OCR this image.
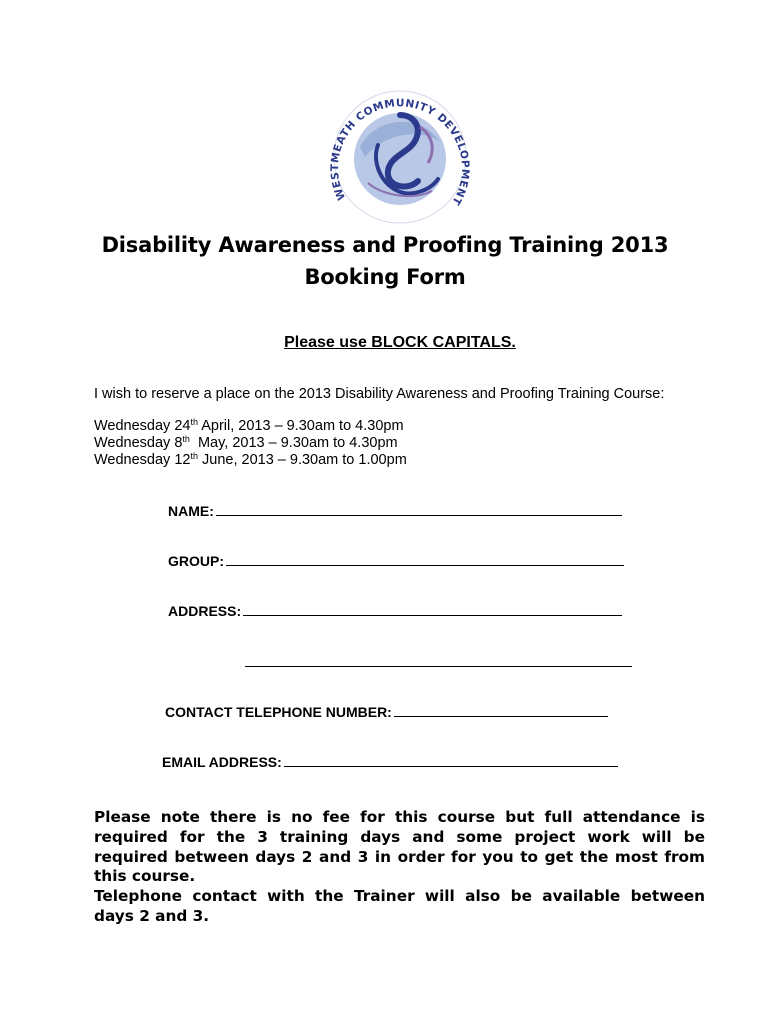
WESTMEATH COMMUNITY DEVELOPMENT
Disability Awareness and Proofing Training 2013
Booking Form
Please use BLOCK CAPITALS.
I wish to reserve a place on the 2013 Disability Awareness and Proofing Training Course:
Wednesday 24th April, 2013 – 9.30am to 4.30pm
Wednesday 8th  May, 2013 – 9.30am to 4.30pm
Wednesday 12th June, 2013 – 9.30am to 1.00pm
NAME:
GROUP:
ADDRESS:
CONTACT TELEPHONE NUMBER:
EMAIL ADDRESS:

Please note there is no fee for this course but full attendance is required for the 3 training days and some project work will be required between days 2 and 3 in order for you to get the most from this course.

Telephone contact with the Trainer will also be available between days 2 and 3.
